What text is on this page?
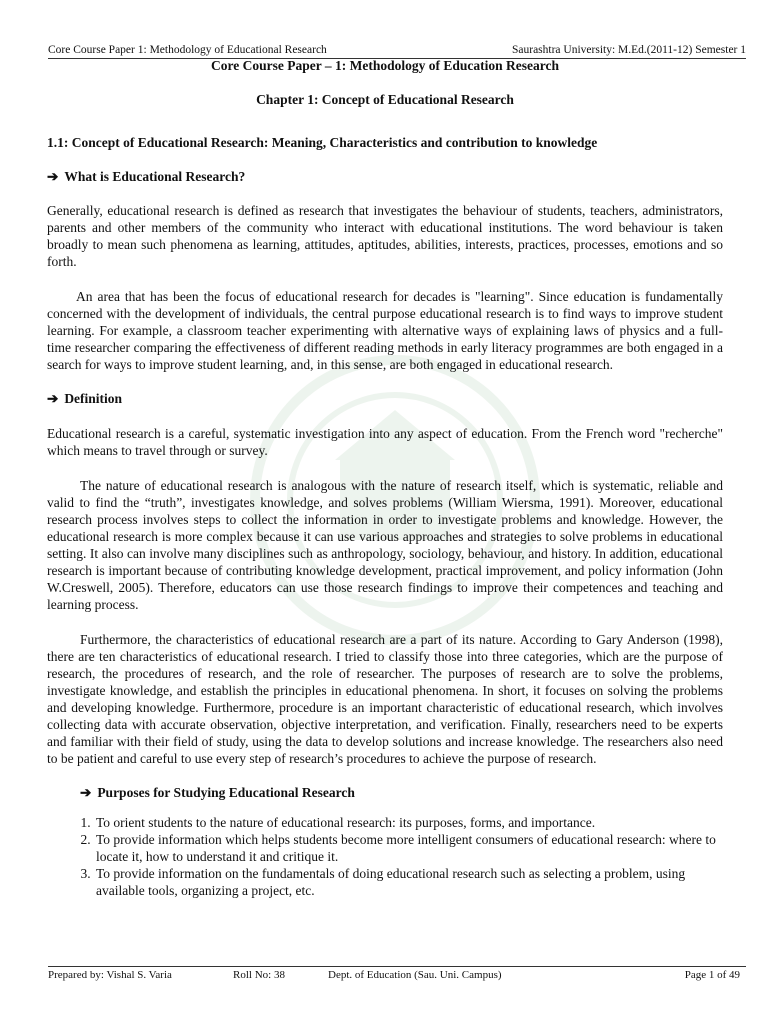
Core Course Paper 1: Methodology of Educational Research	Saurashtra University: M.Ed.(2011-12) Semester 1
Core Course Paper – 1: Methodology of Education Research
Chapter 1: Concept of Educational Research
1.1: Concept of Educational Research: Meaning, Characteristics and contribution to knowledge
➔ What is Educational Research?

Generally, educational research is defined as research that investigates the behaviour of students, teachers, administrators, parents and other members of the community who interact with educational institutions. The word behaviour is taken broadly to mean such phenomena as learning, attitudes, aptitudes, abilities, interests, practices, processes, emotions and so forth.

An area that has been the focus of educational research for decades is "learning". Since education is fundamentally concerned with the development of individuals, the central purpose educational research is to find ways to improve student learning. For example, a classroom teacher experimenting with alternative ways of explaining laws of physics and a full-time researcher comparing the effectiveness of different reading methods in early literacy programmes are both engaged in a search for ways to improve student learning, and, in this sense, are both engaged in educational research.

➔ Definition

Educational research is a careful, systematic investigation into any aspect of education. From the French word "recherche" which means to travel through or survey.

The nature of educational research is analogous with the nature of research itself, which is systematic, reliable and valid to find the “truth”, investigates knowledge, and solves problems (William Wiersma, 1991). Moreover, educational research process involves steps to collect the information in order to investigate problems and knowledge. However, the educational research is more complex because it can use various approaches and strategies to solve problems in educational setting. It also can involve many disciplines such as anthropology, sociology, behaviour, and history. In addition, educational research is important because of contributing knowledge development, practical improvement, and policy information (John W.Creswell, 2005). Therefore, educators can use those research findings to improve their competences and teaching and learning process.

Furthermore, the characteristics of educational research are a part of its nature. According to Gary Anderson (1998), there are ten characteristics of educational research. I tried to classify those into three categories, which are the purpose of research, the procedures of research, and the role of researcher. The purposes of research are to solve the problems, investigate knowledge, and establish the principles in educational phenomena. In short, it focuses on solving the problems and developing knowledge. Furthermore, procedure is an important characteristic of educational research, which involves collecting data with accurate observation, objective interpretation, and verification. Finally, researchers need to be experts and familiar with their field of study, using the data to develop solutions and increase knowledge. The researchers also need to be patient and careful to use every step of research’s procedures to achieve the purpose of research.

➔ Purposes for Studying Educational Research
1. To orient students to the nature of educational research: its purposes, forms, and importance.
2. To provide information which helps students become more intelligent consumers of educational research: where to locate it, how to understand it and critique it.
3. To provide information on the fundamentals of doing educational research such as selecting a problem, using available tools, organizing a project, etc.
Prepared by: Vishal S. Varia	Roll No: 38	Dept. of Education (Sau. Uni. Campus)	Page 1 of 49
